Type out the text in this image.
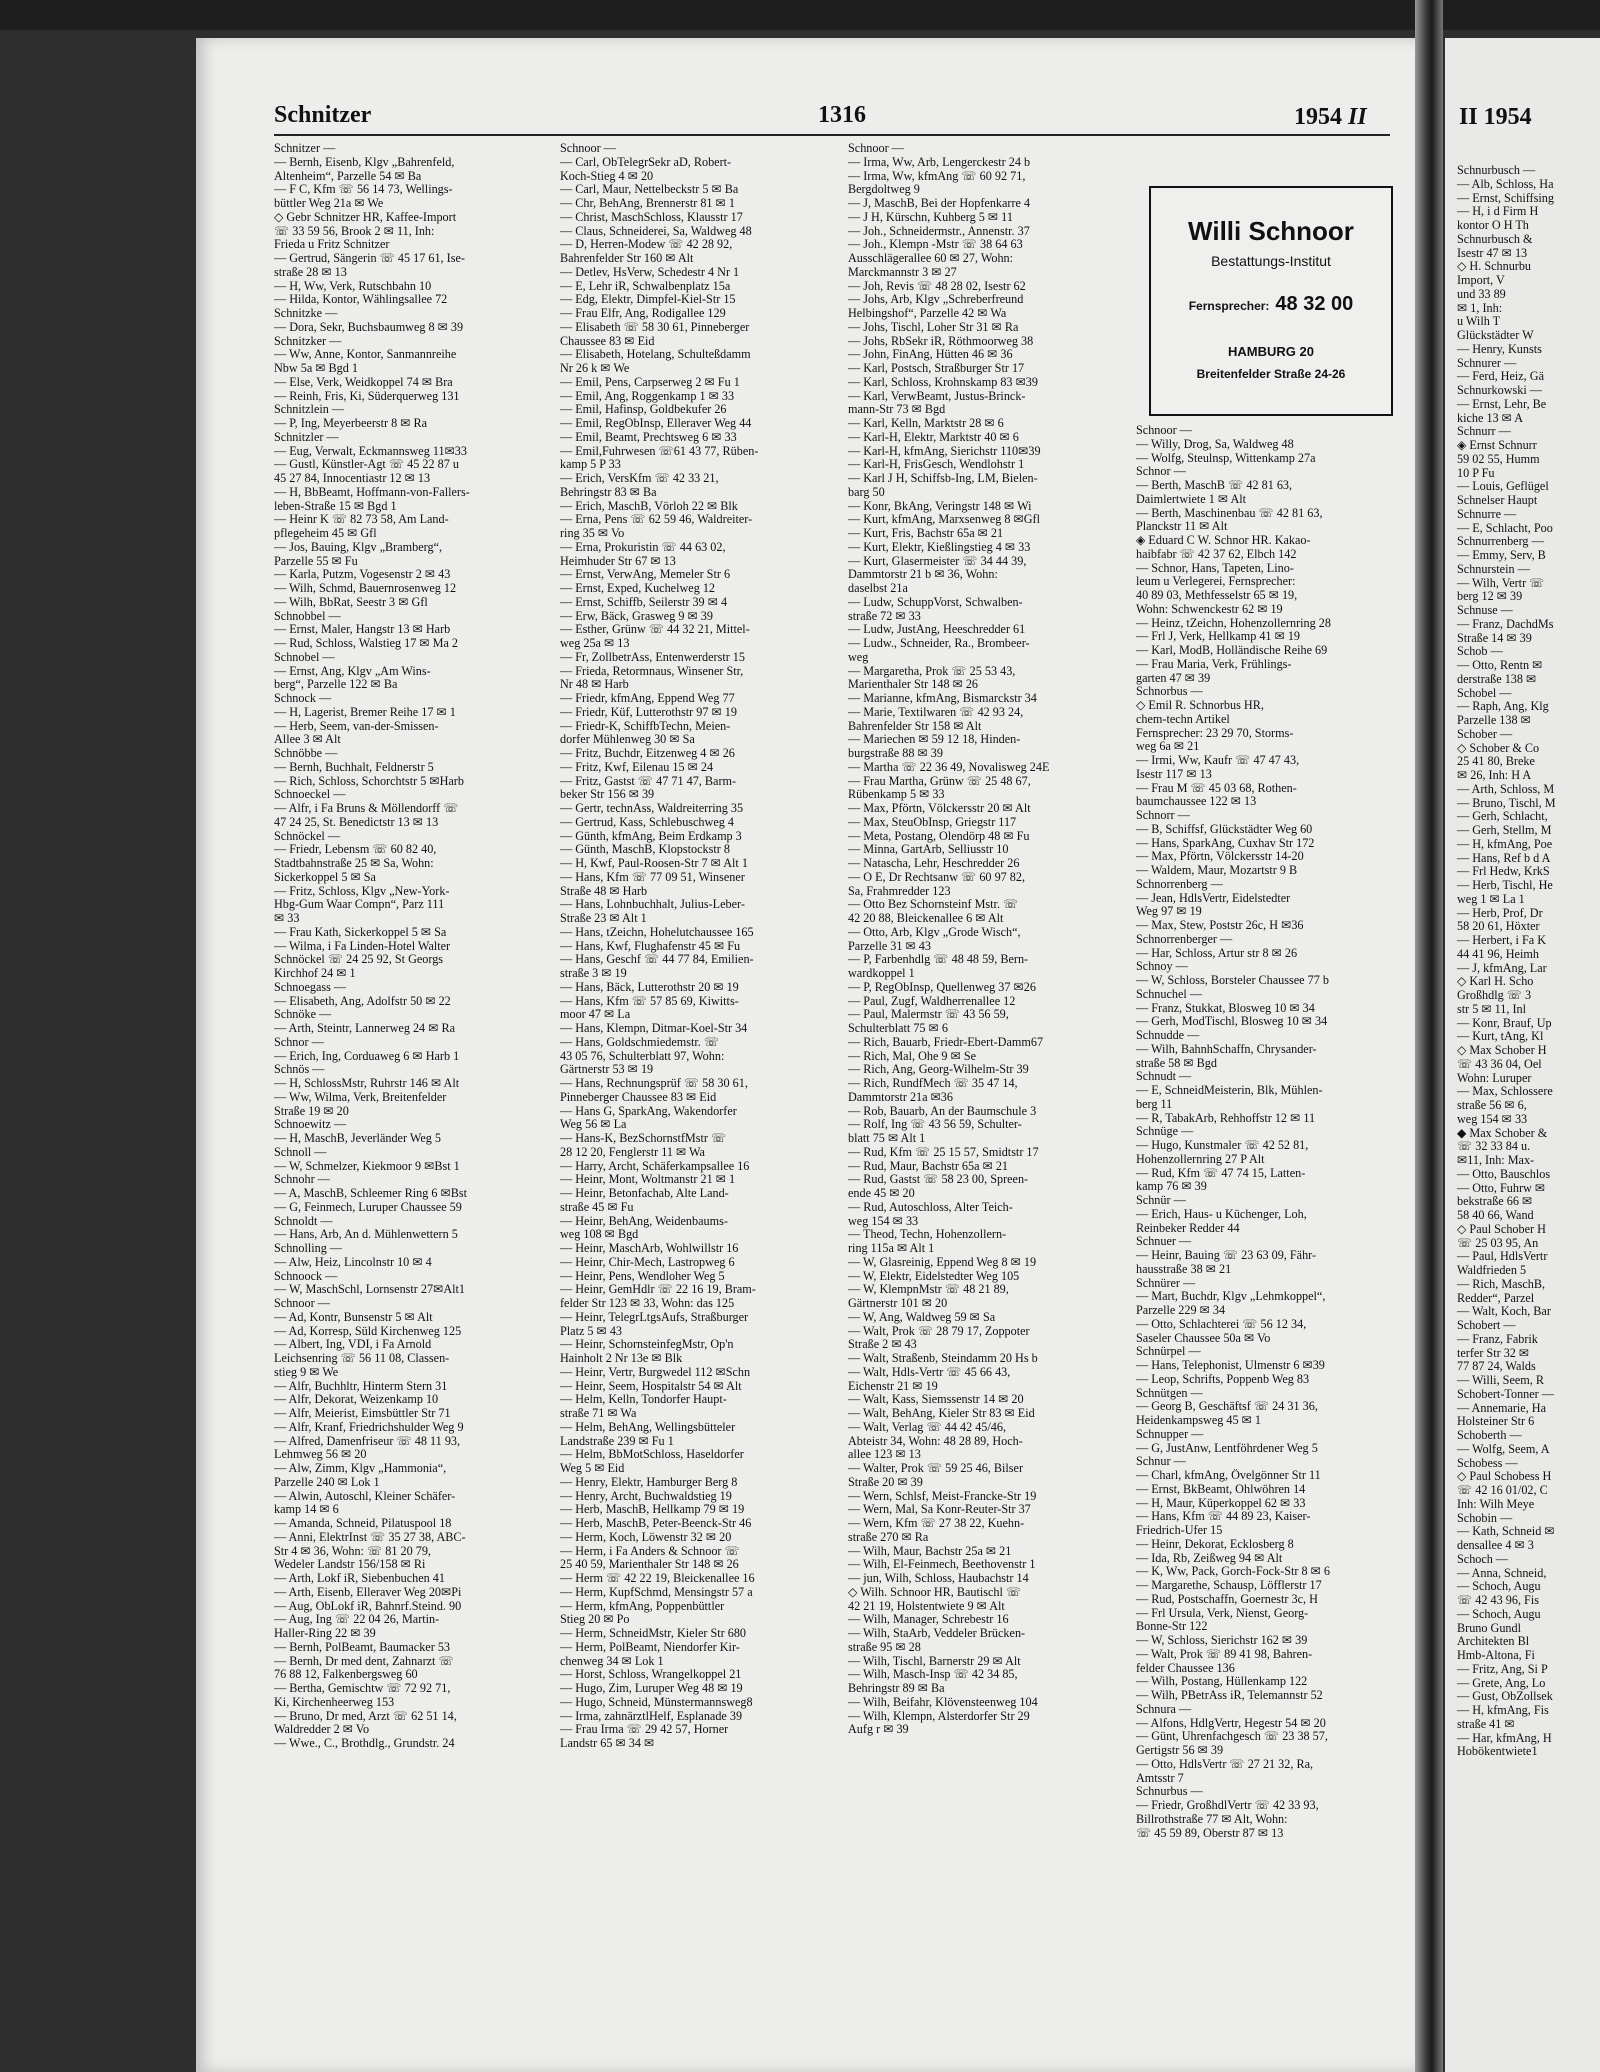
Schnitzer	1316	1954 II
Schnitzer —
— Bernh, Eisenb, Klgv „Bahrenfeld,
Altenheim“, Parzelle 54 ✉ Ba
— F C, Kfm ☏ 56 14 73, Wellings-
büttler Weg 21a ✉ We
◇ Gebr Schnitzer HR, Kaffee-Import
☏ 33 59 56, Brook 2 ✉ 11, Inh:
Frieda u Fritz Schnitzer
— Gertrud, Sängerin ☏ 45 17 61, Ise-
straße 28 ✉ 13
— H, Ww, Verk, Rutschbahn 10
— Hilda, Kontor, Wählingsallee 72
Schnitzke —
— Dora, Sekr, Buchsbaumweg 8 ✉ 39
Schnitzker —
— Ww, Anne, Kontor, Sanmannreihe
Nbw 5a ✉ Bgd 1
— Else, Verk, Weidkoppel 74 ✉ Bra
— Reinh, Fris, Ki, Süderquerweg 131
Schnitzlein —
— P, Ing, Meyerbeerstr 8 ✉ Ra
Schnitzler —
— Eug, Verwalt, Eckmannsweg 11✉33
— Gustl, Künstler-Agt ☏ 45 22 87 u
45 27 84, Innocentiastr 12 ✉ 13
— H, BbBeamt, Hoffmann-von-Fallers-
leben-Straße 15 ✉ Bgd 1
— Heinr K ☏ 82 73 58, Am Land-
pflegeheim 45 ✉ Gfl
— Jos, Bauing, Klgv „Bramberg“,
Parzelle 55 ✉ Fu
— Karla, Putzm, Vogesenstr 2 ✉ 43
— Wilh, Schmd, Bauernrosenweg 12
— Wilh, BbRat, Seestr 3 ✉ Gfl
Schnobbel —
— Ernst, Maler, Hangstr 13 ✉ Harb
— Rud, Schloss, Walstieg 17 ✉ Ma 2
Schnobel —
— Ernst, Ang, Klgv „Am Wins-
berg“, Parzelle 122 ✉ Ba
Schnock —
— H, Lagerist, Bremer Reihe 17 ✉ 1
— Herb, Seem, van-der-Smissen-
Allee 3 ✉ Alt
Schnöbbe —
— Bernh, Buchhalt, Feldnerstr 5
— Rich, Schloss, Schorchtstr 5 ✉Harb
Schnoeckel —
— Alfr, i Fa Bruns & Möllendorff ☏
47 24 25, St. Benedictstr 13 ✉ 13
Schnöckel —
— Friedr, Lebensm ☏ 60 82 40,
Stadtbahnstraße 25 ✉ Sa, Wohn:
Sickerkoppel 5 ✉ Sa
— Fritz, Schloss, Klgv „New-York-
Hbg-Gum Waar Compn“, Parz 111
✉ 33
— Frau Kath, Sickerkoppel 5 ✉ Sa
— Wilma, i Fa Linden-Hotel Walter
Schnöckel ☏ 24 25 92, St Georgs
Kirchhof 24 ✉ 1
Schnoegass —
— Elisabeth, Ang, Adolfstr 50 ✉ 22
Schnöke —
— Arth, Steintr, Lannerweg 24 ✉ Ra
Schnor —
— Erich, Ing, Corduaweg 6 ✉ Harb 1
Schnös —
— H, SchlossMstr, Ruhrstr 146 ✉ Alt
— Ww, Wilma, Verk, Breitenfelder
Straße 19 ✉ 20
Schnoewitz —
— H, MaschB, Jeverländer Weg 5
Schnoll —
— W, Schmelzer, Kiekmoor 9 ✉Bst 1
Schnohr —
— A, MaschB, Schleemer Ring 6 ✉Bst
— G, Feinmech, Luruper Chaussee 59
Schnoldt —
— Hans, Arb, An d. Mühlenwettern 5
Schnolling —
— Alw, Heiz, Lincolnstr 10 ✉ 4
Schnoock —
— W, MaschSchl, Lornsenstr 27✉Alt1
Schnoor —
— Ad, Kontr, Bunsenstr 5 ✉ Alt
— Ad, Korresp, Süld Kirchenweg 125
— Albert, Ing, VDI, i Fa Arnold
Leichsenring ☏ 56 11 08, Classen-
stieg 9 ✉ We
— Alfr, Buchhltr, Hinterm Stern 31
— Alfr, Dekorat, Weizenkamp 10
— Alfr, Meierist, Eimsbüttler Str 71
— Alfr, Kranf, Friedrichshulder Weg 9
— Alfred, Damenfriseur ☏ 48 11 93,
Lehmweg 56 ✉ 20
— Alw, Zimm, Klgv „Hammonia“,
Parzelle 240 ✉ Lok 1
— Alwin, Autoschl, Kleiner Schäfer-
kamp 14 ✉ 6
— Amanda, Schneid, Pilatuspool 18
— Anni, ElektrInst ☏ 35 27 38, ABC-
Str 4 ✉ 36, Wohn: ☏ 81 20 79,
Wedeler Landstr 156/158 ✉ Ri
— Arth, Lokf iR, Siebenbuchen 41
— Arth, Eisenb, Elleraver Weg 20✉Pi
— Aug, ObLokf iR, Bahnrf.Steind. 90
— Aug, Ing ☏ 22 04 26, Martin-
Haller-Ring 22 ✉ 39
— Bernh, PolBeamt, Baumacker 53
— Bernh, Dr med dent, Zahnarzt ☏
76 88 12, Falkenbergsweg 60
— Bertha, Gemischtw ☏ 72 92 71,
Ki, Kirchenheerweg 153
— Bruno, Dr med, Arzt ☏ 62 51 14,
Waldredder 2 ✉ Vo
— Wwe., C., Brothdlg., Grundstr. 24
Schnoor —
— Carl, ObTelegrSekr aD, Robert-
Koch-Stieg 4 ✉ 20
— Carl, Maur, Nettelbeckstr 5 ✉ Ba
— Chr, BehAng, Brennerstr 81 ✉ 1
— Christ, MaschSchloss, Klausstr 17
— Claus, Schneiderei, Sa, Waldweg 48
— D, Herren-Modew ☏ 42 28 92,
Bahrenfelder Str 160 ✉ Alt
— Detlev, HsVerw, Schedestr 4 Nr 1
— E, Lehr iR, Schwalbenplatz 15a
— Edg, Elektr, Dimpfel-Kiel-Str 15
— Frau Elfr, Ang, Rodigallee 129
— Elisabeth ☏ 58 30 61, Pinneberger
Chaussee 83 ✉ Eid
— Elisabeth, Hotelang, Schulteßdamm
Nr 26 k ✉ We
— Emil, Pens, Carpserweg 2 ✉ Fu 1
— Emil, Ang, Roggenkamp 1 ✉ 33
— Emil, Hafinsp, Goldbekufer 26
— Emil, RegObInsp, Elleraver Weg 44
— Emil, Beamt, Prechtsweg 6 ✉ 33
— Emil,Fuhrwesen ☏61 43 77, Rüben-
kamp 5 P 33
— Erich, VersKfm ☏ 42 33 21,
Behringstr 83 ✉ Ba
— Erich, MaschB, Vörloh 22 ✉ Blk
— Erna, Pens ☏ 62 59 46, Waldreiter-
ring 35 ✉ Vo
— Erna, Prokuristin ☏ 44 63 02,
Heimhuder Str 67 ✉ 13
— Ernst, VerwAng, Memeler Str 6
— Ernst, Exped, Kuchelweg 12
— Ernst, Schiffb, Seilerstr 39 ✉ 4
— Erw, Bäck, Grasweg 9 ✉ 39
— Esther, Grünw ☏ 44 32 21, Mittel-
weg 25a ✉ 13
— Fr, ZollbetrAss, Entenwerderstr 15
— Frieda, Retormnaus, Winsener Str,
Nr 48 ✉ Harb
— Friedr, kfmAng, Eppend Weg 77
— Friedr, Küf, Lutterothstr 97 ✉ 19
— Friedr-K, SchiffbTechn, Meien-
dorfer Mühlenweg 30 ✉ Sa
— Fritz, Buchdr, Eitzenweg 4 ✉ 26
— Fritz, Kwf, Eilenau 15 ✉ 24
— Fritz, Gastst ☏ 47 71 47, Barm-
beker Str 156 ✉ 39
— Gertr, technAss, Waldreiterring 35
— Gertrud, Kass, Schlebuschweg 4
— Günth, kfmAng, Beim Erdkamp 3
— Günth, MaschB, Klopstockstr 8
— H, Kwf, Paul-Roosen-Str 7 ✉ Alt 1
— Hans, Kfm ☏ 77 09 51, Winsener
Straße 48 ✉ Harb
— Hans, Lohnbuchhalt, Julius-Leber-
Straße 23 ✉ Alt 1
— Hans, tZeichn, Hohelutchaussee 165
— Hans, Kwf, Flughafenstr 45 ✉ Fu
— Hans, Geschf ☏ 44 77 84, Emilien-
straße 3 ✉ 19
— Hans, Bäck, Lutterothstr 20 ✉ 19
— Hans, Kfm ☏ 57 85 69, Kiwitts-
moor 47 ✉ La
— Hans, Klempn, Ditmar-Koel-Str 34
— Hans, Goldschmiedemstr. ☏
43 05 76, Schulterblatt 97, Wohn:
Gärtnerstr 53 ✉ 19
— Hans, Rechnungsprüf ☏ 58 30 61,
Pinneberger Chaussee 83 ✉ Eid
— Hans G, SparkAng, Wakendorfer
Weg 56 ✉ La
— Hans-K, BezSchornstfMstr ☏
28 12 20, Fenglerstr 11 ✉ Wa
— Harry, Archt, Schäferkampsallee 16
— Heinr, Mont, Woltmanstr 21 ✉ 1
— Heinr, Betonfachab, Alte Land-
straße 45 ✉ Fu
— Heinr, BehAng, Weidenbaums-
weg 108 ✉ Bgd
— Heinr, MaschArb, Wohlwillstr 16
— Heinr, Chir-Mech, Lastropweg 6
— Heinr, Pens, Wendloher Weg 5
— Heinr, GemHdlr ☏ 22 16 19, Bram-
felder Str 123 ✉ 33, Wohn: das 125
— Heinr, TelegrLtgsAufs, Straßburger
Platz 5 ✉ 43
— Heinr, SchornsteinfegMstr, Op'n
Hainholt 2 Nr 13e ✉ Blk
— Heinr, Vertr, Burgwedel 112 ✉Schn
— Heinr, Seem, Hospitalstr 54 ✉ Alt
— Helm, Kelln, Tondorfer Haupt-
straße 71 ✉ Wa
— Helm, BehAng, Wellingsbütteler
Landstraße 239 ✉ Fu 1
— Helm, BbMotSchloss, Haseldorfer
Weg 5 ✉ Eid
— Henry, Elektr, Hamburger Berg 8
— Henry, Archt, Buchwaldstieg 19
— Herb, MaschB, Hellkamp 79 ✉ 19
— Herb, MaschB, Peter-Beenck-Str 46
— Herm, Koch, Löwenstr 32 ✉ 20
— Herm, i Fa Anders & Schnoor ☏
25 40 59, Marienthaler Str 148 ✉ 26
— Herm ☏ 42 22 19, Bleickenallee 16
— Herm, KupfSchmd, Mensingstr 57 a
— Herm, kfmAng, Poppenbüttler
Stieg 20 ✉ Po
— Herm, SchneidMstr, Kieler Str 680
— Herm, PolBeamt, Niendorfer Kir-
chenweg 34 ✉ Lok 1
— Horst, Schloss, Wrangelkoppel 21
— Hugo, Zim, Luruper Weg 48 ✉ 19
— Hugo, Schneid, Münstermannsweg8
— Irma, zahnärztlHelf, Esplanade 39
— Frau Irma ☏ 29 42 57, Horner
Landstr 65 ✉ 34 ✉
Schnoor —
— Irma, Ww, Arb, Lengerckestr 24 b
— Irma, Ww, kfmAng ☏ 60 92 71,
Bergdoltweg 9
— J, MaschB, Bei der Hopfenkarre 4
— J H, Kürschn, Kuhberg 5 ✉ 11
— Joh., Schneidermstr., Annenstr. 37
— Joh., Klempn -Mstr ☏ 38 64 63
Ausschlägerallee 60 ✉ 27, Wohn:
Marckmannstr 3 ✉ 27
— Joh, Revis ☏ 48 28 02, Isestr 62
— Johs, Arb, Klgv „Schreberfreund
Helbingshof“, Parzelle 42 ✉ Wa
— Johs, Tischl, Loher Str 31 ✉ Ra
— Johs, RbSekr iR, Röthmoorweg 38
— John, FinAng, Hütten 46 ✉ 36
— Karl, Postsch, Straßburger Str 17
— Karl, Schloss, Krohnskamp 83 ✉39
— Karl, VerwBeamt, Justus-Brinck-
mann-Str 73 ✉ Bgd
— Karl, Kelln, Marktstr 28 ✉ 6
— Karl-H, Elektr, Marktstr 40 ✉ 6
— Karl-H, kfmAng, Sierichstr 110✉39
— Karl-H, FrisGesch, Wendlohstr 1
— Karl J H, Schiffsb-Ing, LM, Bielen-
barg 50
— Konr, BkAng, Veringstr 148 ✉ Wi
— Kurt, kfmAng, Marxsenweg 8 ✉Gfl
— Kurt, Fris, Bachstr 65a ✉ 21
— Kurt, Elektr, Kießlingstieg 4 ✉ 33
— Kurt, Glasermeister ☏ 34 44 39,
Dammtorstr 21 b ✉ 36, Wohn:
daselbst 21a
— Ludw, SchuppVorst, Schwalben-
straße 72 ✉ 33
— Ludw, JustAng, Heeschredder 61
— Ludw., Schneider, Ra., Brombeer-
weg
— Margaretha, Prok ☏ 25 53 43,
Marienthaler Str 148 ✉ 26
— Marianne, kfmAng, Bismarckstr 34
— Marie, Textilwaren ☏ 42 93 24,
Bahrenfelder Str 158 ✉ Alt
— Mariechen ✉ 59 12 18, Hinden-
burgstraße 88 ✉ 39
— Martha ☏ 22 36 49, Novalisweg 24E
— Frau Martha, Grünw ☏ 25 48 67,
Rübenkamp 5 ✉ 33
— Max, Pförtn, Völckersstr 20 ✉ Alt
— Max, SteuObInsp, Griegstr 117
— Meta, Postang, Olendörp 48 ✉ Fu
— Minna, GartArb, Selliusstr 10
— Natascha, Lehr, Heschredder 26
— O E, Dr Rechtsanw ☏ 60 97 82,
Sa, Frahmredder 123
— Otto Bez Schornsteinf Mstr. ☏
42 20 88, Bleickenallee 6 ✉ Alt
— Otto, Arb, Klgv „Grode Wisch“,
Parzelle 31 ✉ 43
— P, Farbenhdlg ☏ 48 48 59, Bern-
wardkoppel 1
— P, RegObInsp, Quellenweg 37 ✉26
— Paul, Zugf, Waldherrenallee 12
— Paul, Malermstr ☏ 43 56 59,
Schulterblatt 75 ✉ 6
— Rich, Bauarb, Friedr-Ebert-Damm67
— Rich, Mal, Ohe 9 ✉ Se
— Rich, Ang, Georg-Wilhelm-Str 39
— Rich, RundfMech ☏ 35 47 14,
Dammtorstr 21a ✉36
— Rob, Bauarb, An der Baumschule 3
— Rolf, Ing ☏ 43 56 59, Schulter-
blatt 75 ✉ Alt 1
— Rud, Kfm ☏ 25 15 57, Smidtstr 17
— Rud, Maur, Bachstr 65a ✉ 21
— Rud, Gastst ☏ 58 23 00, Spreen-
ende 45 ✉ 20
— Rud, Autoschloss, Alter Teich-
weg 154 ✉ 33
— Theod, Techn, Hohenzollern-
ring 115a ✉ Alt 1
— W, Glasreinig, Eppend Weg 8 ✉ 19
— W, Elektr, Eidelstedter Weg 105
— W, KlempnMstr ☏ 48 21 89,
Gärtnerstr 101 ✉ 20
— W, Ang, Waldweg 59 ✉ Sa
— Walt, Prok ☏ 28 79 17, Zoppoter
Straße 2 ✉ 43
— Walt, Straßenb, Steindamm 20 Hs b
— Walt, Hdls-Vertr ☏ 45 66 43,
Eichenstr 21 ✉ 19
— Walt, Kass, Siemssenstr 14 ✉ 20
— Walt, BehAng, Kieler Str 83 ✉ Eid
— Walt, Verlag ☏ 44 42 45/46,
Abteistr 34, Wohn: 48 28 89, Hoch-
allee 123 ✉ 13
— Walter, Prok ☏ 59 25 46, Bilser
Straße 20 ✉ 39
— Wern, Schlsf, Meist-Francke-Str 19
— Wern, Mal, Sa Konr-Reuter-Str 37
— Wern, Kfm ☏ 27 38 22, Kuehn-
straße 270 ✉ Ra
— Wilh, Maur, Bachstr 25a ✉ 21
— Wilh, El-Feinmech, Beethovenstr 1
— jun, Wilh, Schloss, Haubachstr 14
◇ Wilh. Schnoor HR, Bautischl ☏
42 21 19, Holstentwiete 9 ✉ Alt
— Wilh, Manager, Schrebestr 16
— Wilh, StaArb, Veddeler Brücken-
straße 95 ✉ 28
— Wilh, Tischl, Barnerstr 29 ✉ Alt
— Wilh, Masch-Insp ☏ 42 34 85,
Behringstr 89 ✉ Ba
— Wilh, Beifahr, Klövensteenweg 104
— Wilh, Klempn, Alsterdorfer Str 29
Aufg r ✉ 39
Schnoor —
— Willy, Drog, Sa, Waldweg 48
— Wolfg, Steulnsp, Wittenkamp 27a
Schnor —
— Berth, MaschB ☏ 42 81 63,
Daimlertwiete 1 ✉ Alt
— Berth, Maschinenbau ☏ 42 81 63,
Planckstr 11 ✉ Alt
◈ Eduard C W. Schnor HR. Kakao-
haibfabr ☏ 42 37 62, Elbch 142
— Schnor, Hans, Tapeten, Lino-
leum u Verlegerei, Fernsprecher:
40 89 03, Methfesselstr 65 ✉ 19,
Wohn: Schwenckestr 62 ✉ 19
— Heinz, tZeichn, Hohenzollernring 28
— Frl J, Verk, Hellkamp 41 ✉ 19
— Karl, ModB, Holländische Reihe 69
— Frau Maria, Verk, Frühlings-
garten 47 ✉ 39
Schnorbus —
◇ Emil R. Schnorbus HR,
chem-techn Artikel
Fernsprecher: 23 29 70, Storms-
weg 6a ✉ 21
— Irmi, Ww, Kaufr ☏ 47 47 43,
Isestr 117 ✉ 13
— Frau M ☏ 45 03 68, Rothen-
baumchaussee 122 ✉ 13
Schnorr —
— B, Schiffsf, Glückstädter Weg 60
— Hans, SparkAng, Cuxhav Str 172
— Max, Pförtn, Völckersstr 14-20
— Waldem, Maur, Mozartstr 9 B
Schnorrenberg —
— Jean, HdlsVertr, Eidelstedter
Weg 97 ✉ 19
— Max, Stew, Poststr 26c, H ✉36
Schnorrenberger —
— Har, Schloss, Artur str 8 ✉ 26
Schnoy —
— W, Schloss, Borsteler Chaussee 77 b
Schnuchel —
— Franz, Stukkat, Blosweg 10 ✉ 34
— Gerh, ModTischl, Blosweg 10 ✉ 34
Schnudde —
— Wilh, BahnhSchaffn, Chrysander-
straße 58 ✉ Bgd
Schnudt —
— E, SchneidMeisterin, Blk, Mühlen-
berg 11
— R, TabakArb, Rehhoffstr 12 ✉ 11
Schnüge —
— Hugo, Kunstmaler ☏ 42 52 81,
Hohenzollernring 27 P Alt
— Rud, Kfm ☏ 47 74 15, Latten-
kamp 76 ✉ 39
Schnür —
— Erich, Haus- u Küchenger, Loh,
Reinbeker Redder 44
Schnuer —
— Heinr, Bauing ☏ 23 63 09, Fähr-
hausstraße 38 ✉ 21
Schnürer —
— Mart, Buchdr, Klgv „Lehmkoppel“,
Parzelle 229 ✉ 34
— Otto, Schlachterei ☏ 56 12 34,
Saseler Chaussee 50a ✉ Vo
Schnürpel —
— Hans, Telephonist, Ulmenstr 6 ✉39
— Leop, Schrifts, Poppenb Weg 83
Schnütgen —
— Georg B, Geschäftsf ☏ 24 31 36,
Heidenkampsweg 45 ✉ 1
Schnupper —
— G, JustAnw, Lentföhrdener Weg 5
Schnur —
— Charl, kfmAng, Övelgönner Str 11
— Ernst, BkBeamt, Ohlwöhren 14
— H, Maur, Küperkoppel 62 ✉ 33
— Hans, Kfm ☏ 44 89 23, Kaiser-
Friedrich-Ufer 15
— Heinr, Dekorat, Ecklosberg 8
— Ida, Rb, Zeißweg 94 ✉ Alt
— K, Ww, Pack, Gorch-Fock-Str 8 ✉ 6
— Margarethe, Schausp, Löfflerstr 17
— Rud, Postschaffn, Goernestr 3c, H
— Frl Ursula, Verk, Nienst, Georg-
Bonne-Str 122
— W, Schloss, Sierichstr 162 ✉ 39
— Walt, Prok ☏ 89 41 98, Bahren-
felder Chaussee 136
— Wilh, Postang, Hüllenkamp 122
— Wilh, PBetrAss iR, Telemannstr 52
Schnura —
— Alfons, HdlgVertr, Hegestr 54 ✉ 20
— Günt, Uhrenfachgesch ☏ 23 38 57,
Gertigstr 56 ✉ 39
— Otto, HdlsVertr ☏ 27 21 32, Ra,
Amtsstr 7
Schnurbus —
— Friedr, GroßhdlVertr ☏ 42 33 93,
Billrothstraße 77 ✉ Alt, Wohn:
☏ 45 59 89, Oberstr 87 ✉ 13
Willi Schnoor
Bestattungs-Institut
Fernsprecher: 48 32 00
HAMBURG 20
Breitenfelder Straße 24-26
II 1954
Schnurbusch —
— Alb, Schloss, Ha
— Ernst, Schiffsing
— H, i d Firm H
kontor O H Th
Schnurbusch &
Isestr 47 ✉ 13
◇ H. Schnurbu
Import, V
und 33 89
✉ 1, Inh:
u Wilh T
Glückstädter W
— Henry, Kunsts
Schnurer —
— Ferd, Heiz, Gä
Schnurkowski —
— Ernst, Lehr, Be
kiche 13 ✉ A
Schnurr —
◈ Ernst Schnurr
59 02 55, Humm
10 P Fu
— Louis, Geflügel
Schnelser Haupt
Schnurre —
— E, Schlacht, Poo
Schnurrenberg —
— Emmy, Serv, B
Schnurstein —
— Wilh, Vertr ☏
berg 12 ✉ 39
Schnuse —
— Franz, DachdMs
Straße 14 ✉ 39
Schob —
— Otto, Rentn ✉
derstraße 138 ✉
Schobel —
— Raph, Ang, Klg
Parzelle 138 ✉
Schober —
◇ Schober & Co
25 41 80, Breke
✉ 26, Inh: H A
— Arth, Schloss, M
— Bruno, Tischl, M
— Gerh, Schlacht,
— Gerh, Stellm, M
— H, kfmAng, Poe
— Hans, Ref b d A
— Frl Hedw, KrkS
— Herb, Tischl, He
weg 1 ✉ La 1
— Herb, Prof, Dr
58 20 61, Höxter
— Herbert, i Fa K
44 41 96, Heimh
— J, kfmAng, Lar
◇ Karl H. Scho
Großhdlg ☏ 3
str 5 ✉ 11, Inl
— Konr, Brauf, Up
— Kurt, tAng, Kl
◇ Max Schober H
☏ 43 36 04, Oel
Wohn: Luruper
— Max, Schlossere
straße 56 ✉ 6,
weg 154 ✉ 33
◆ Max Schober &
☏ 32 33 84 u.
✉11, Inh: Max-
— Otto, Bauschlos
— Otto, Fuhrw ✉
bekstraße 66 ✉
58 40 66, Wand
◇ Paul Schober H
☏ 25 03 95, An
— Paul, HdlsVertr
Waldfrieden 5
— Rich, MaschB,
Redder“, Parzel
— Walt, Koch, Bar
Schobert —
— Franz, Fabrik
terfer Str 32 ✉
77 87 24, Walds
— Willi, Seem, R
Schobert-Tonner —
— Annemarie, Ha
Holsteiner Str 6
Schoberth —
— Wolfg, Seem, A
Schobess —
◇ Paul Schobess H
☏ 42 16 01/02, C
Inh: Wilh Meye
Schobin —
— Kath, Schneid ✉
densallee 4 ✉ 3
Schoch —
— Anna, Schneid,
— Schoch, Augu
☏ 42 43 96, Fis
— Schoch, Augu
Bruno Gundl
Architekten Bl
Hmb-Altona, Fi
— Fritz, Ang, Si P
— Grete, Ang, Lo
— Gust, ObZollsek
— H, kfmAng, Fis
straße 41 ✉
— Har, kfmAng, H
Hobökentwiete1
